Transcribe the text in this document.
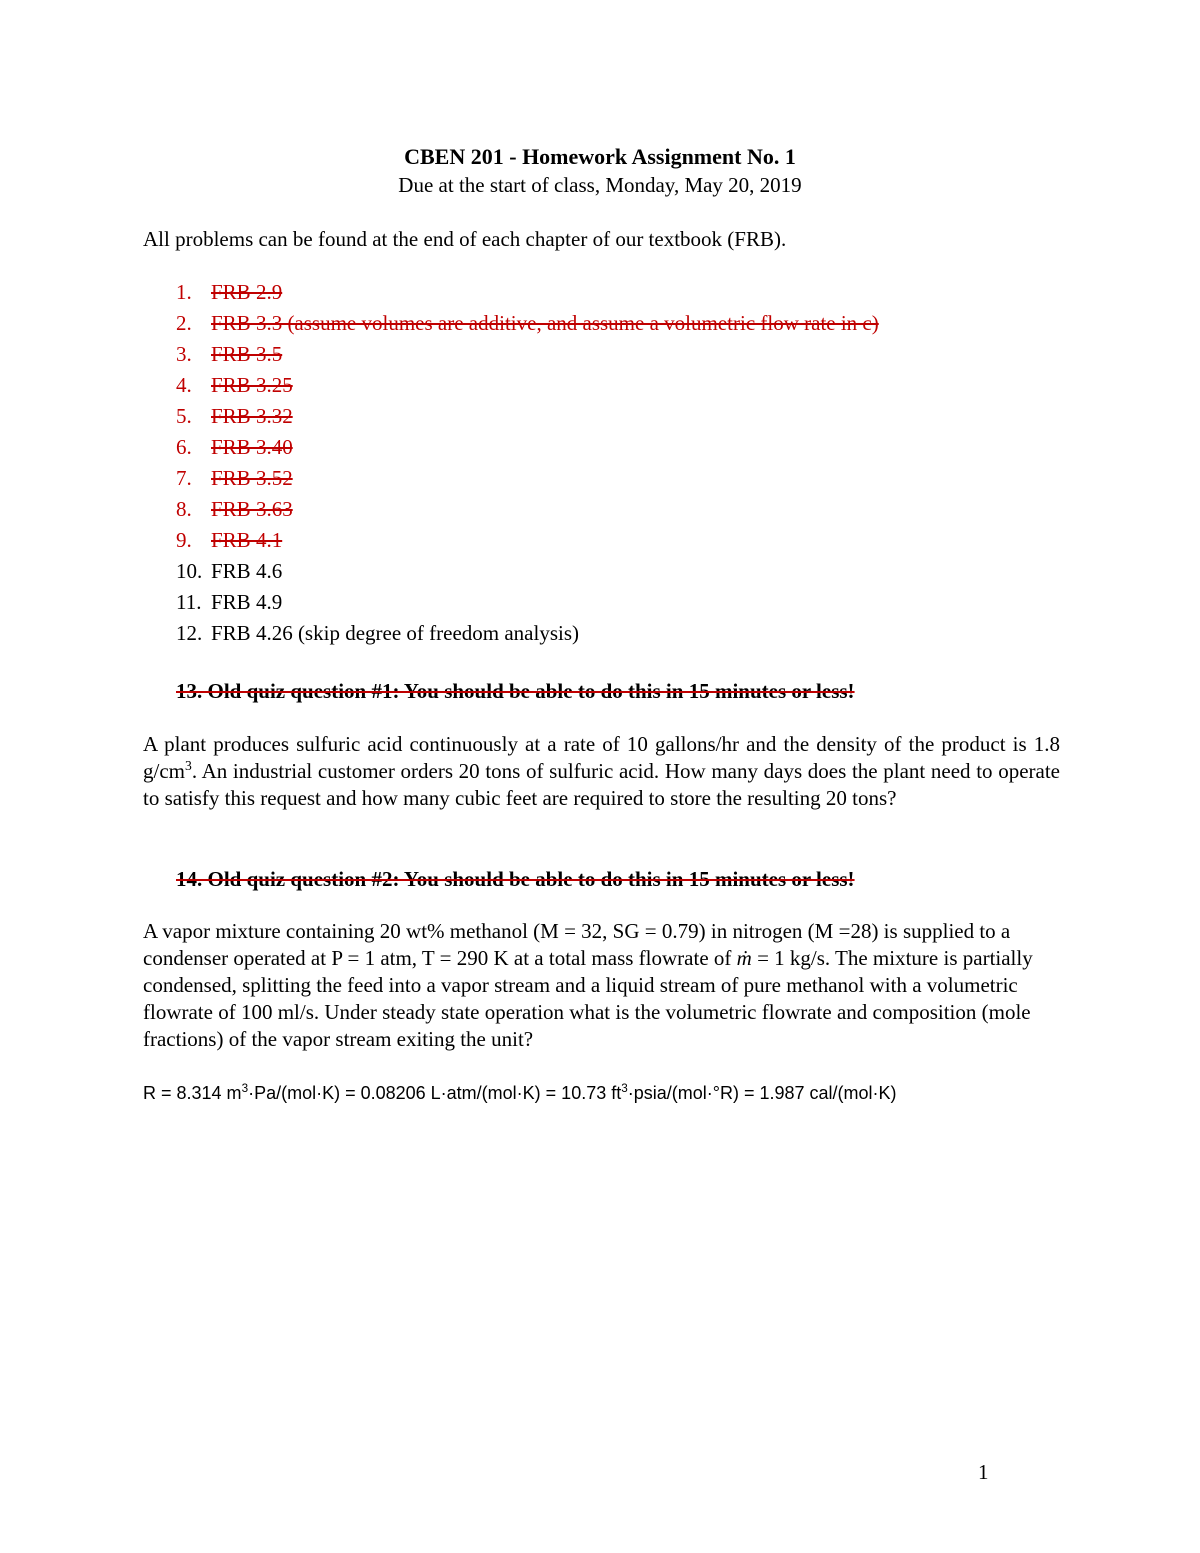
CBEN 201 - Homework Assignment No. 1
Due at the start of class, Monday, May 20, 2019
All problems can be found at the end of each chapter of our textbook (FRB).
1. FRB 2.9
2. FRB 3.3 (assume volumes are additive, and assume a volumetric flow rate in c)
3. FRB 3.5
4. FRB 3.25
5. FRB 3.32
6. FRB 3.40
7. FRB 3.52
8. FRB 3.63
9. FRB 4.1
10. FRB 4.6
11. FRB 4.9
12. FRB 4.26 (skip degree of freedom analysis)
13. Old quiz question #1: You should be able to do this in 15 minutes or less!
A plant produces sulfuric acid continuously at a rate of 10 gallons/hr and the density of the product is 1.8 $g/cm^3$. An industrial customer orders 20 tons of sulfuric acid. How many days does the plant need to operate to satisfy this request and how many cubic feet are required to store the resulting 20 tons?
14. Old quiz question #2: You should be able to do this in 15 minutes or less!
A vapor mixture containing 20 wt% methanol (M = 32, SG = 0.79) in nitrogen (M =28) is supplied to a condenser operated at P = 1 atm, T = 290 K at a total mass flowrate of ṁ = 1 kg/s. The mixture is partially condensed, splitting the feed into a vapor stream and a liquid stream of pure methanol with a volumetric flowrate of 100 ml/s. Under steady state operation what is the volumetric flowrate and composition (mole fractions) of the vapor stream exiting the unit?
R = 8.314 $m^3\cdot Pa/(mol\cdot K) = 0.08206$ L·atm/(mol·K) = 10.73 $ft^3\cdot psia/(mol\cdot^\circ R) = 1.987$ cal/(mol·K)
1
